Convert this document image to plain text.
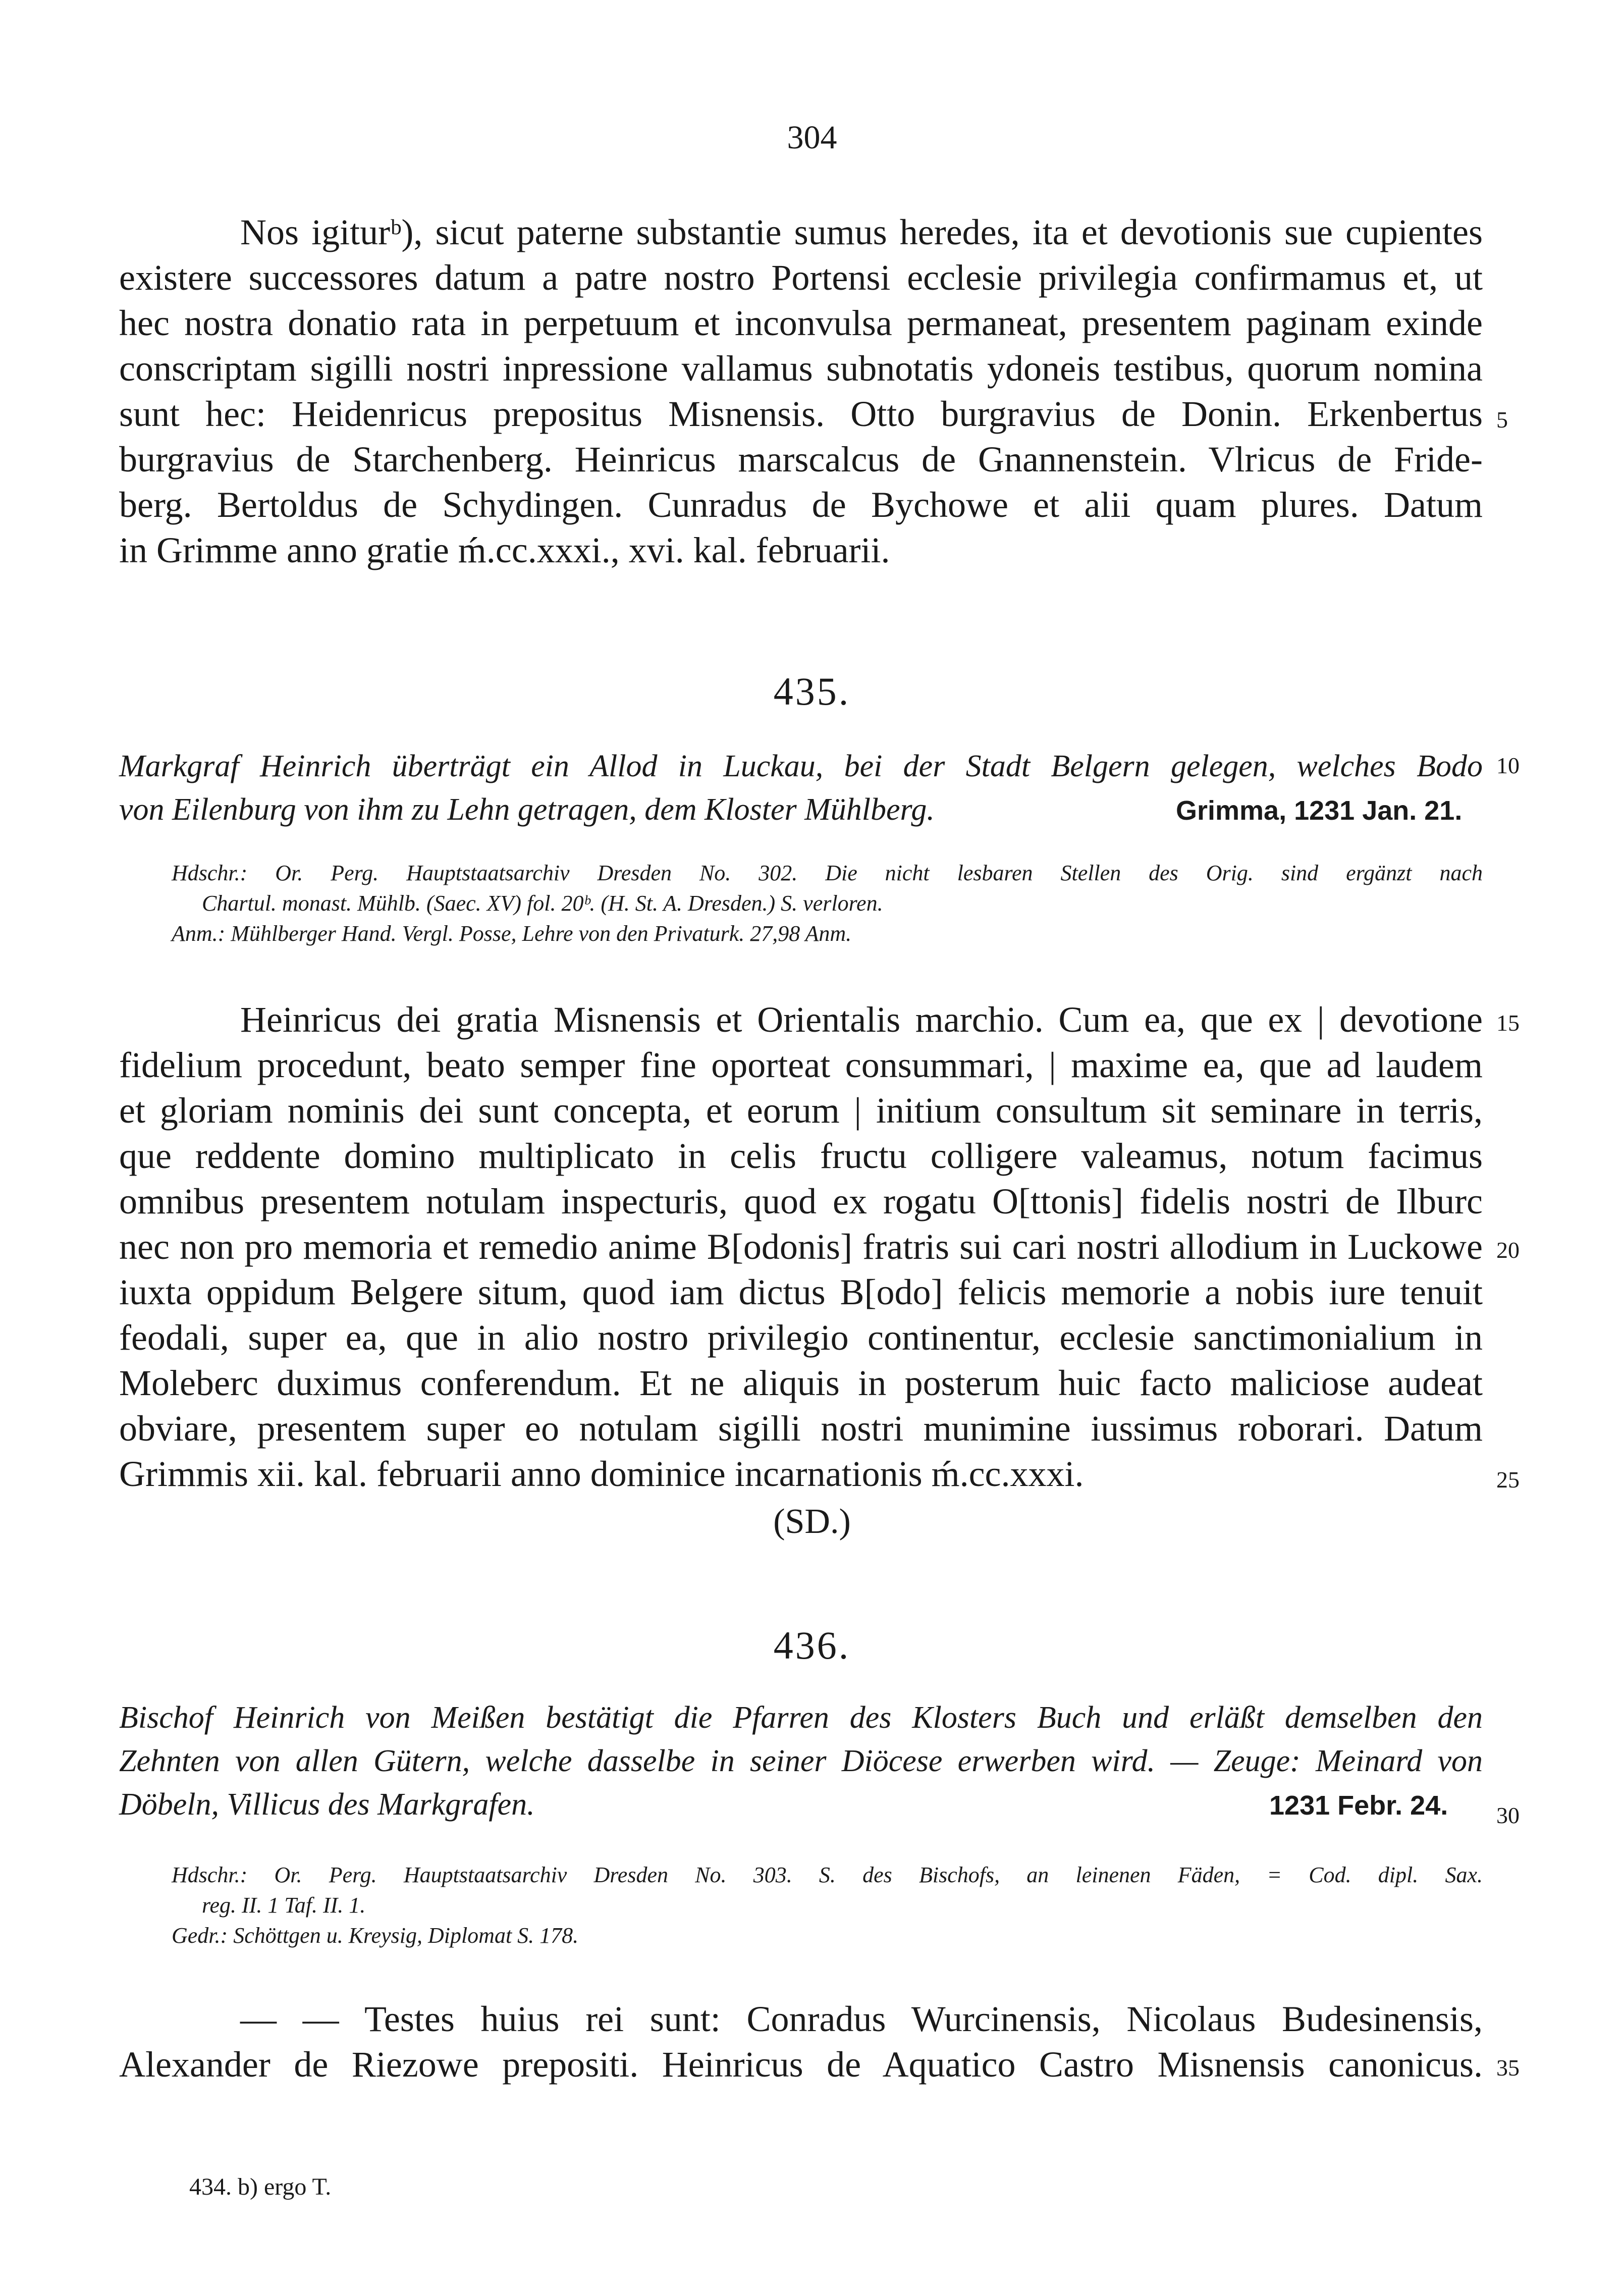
304
Nos igiturᵇ), sicut paterne substantie sumus heredes, ita et devotionis sue cupientes
existere successores datum a patre nostro Portensi ecclesie privilegia confirmamus et, ut
hec nostra donatio rata in perpetuum et inconvulsa permaneat, presentem paginam exinde
conscriptam sigilli nostri inpressione vallamus subnotatis ydoneis testibus, quorum nomina
sunt hec: Heidenricus prepositus Misnensis. Otto burgravius de Donin. Erkenbertus
burgravius de Starchenberg. Heinricus marscalcus de Gnannenstein. Vlricus de Fride-
berg. Bertoldus de Schydingen. Cunradus de Bychowe et alii quam plures. Datum
in Grimme anno gratie ḿ.cc.xxxi., xvi. kal. februarii.
435.
Markgraf Heinrich überträgt ein Allod in Luckau, bei der Stadt Belgern gelegen, welches Bodo
von Eilenburg von ihm zu Lehn getragen, dem Kloster Mühlberg.	Grimma, 1231 Jan. 21.
Hdschr.: Or. Perg. Hauptstaatsarchiv Dresden No. 302. Die nicht lesbaren Stellen des Orig. sind ergänzt nach
Chartul. monast. Mühlb. (Saec. XV) fol. 20ᵇ. (H. St. A. Dresden.) S. verloren.
Anm.: Mühlberger Hand. Vergl. Posse, Lehre von den Privaturk. 27,98 Anm.
Heinricus dei gratia Misnensis et Orientalis marchio. Cum ea, que ex | devotione
fidelium procedunt, beato semper fine oporteat consummari, | maxime ea, que ad laudem
et gloriam nominis dei sunt concepta, et eorum | initium consultum sit seminare in terris,
que reddente domino multiplicato in celis fructu colligere valeamus, notum facimus
omnibus presentem notulam inspecturis, quod ex rogatu O[ttonis] fidelis nostri de Ilburc
nec non pro memoria et remedio anime B[odonis] fratris sui cari nostri allodium in Luckowe
iuxta oppidum Belgere situm, quod iam dictus B[odo] felicis memorie a nobis iure tenuit
feodali, super ea, que in alio nostro privilegio continentur, ecclesie sanctimonialium in
Moleberc duximus conferendum. Et ne aliquis in posterum huic facto maliciose audeat
obviare, presentem super eo notulam sigilli nostri munimine iussimus roborari. Datum
Grimmis xii. kal. februarii anno dominice incarnationis ḿ.cc.xxxi.
(SD.)
436.
Bischof Heinrich von Meißen bestätigt die Pfarren des Klosters Buch und erläßt demselben den
Zehnten von allen Gütern, welche dasselbe in seiner Diöcese erwerben wird. — Zeuge: Meinard von
Döbeln, Villicus des Markgrafen.	1231 Febr. 24.
Hdschr.: Or. Perg. Hauptstaatsarchiv Dresden No. 303. S. des Bischofs, an leinenen Fäden, = Cod. dipl. Sax.
reg. II. 1 Taf. II. 1.
Gedr.: Schöttgen u. Kreysig, Diplomat S. 178.
— — Testes huius rei sunt: Conradus Wurcinensis, Nicolaus Budesinensis,
Alexander de Riezowe prepositi. Heinricus de Aquatico Castro Misnensis canonicus.
5
10
15
20
25
30
35
434. b) ergo T.
